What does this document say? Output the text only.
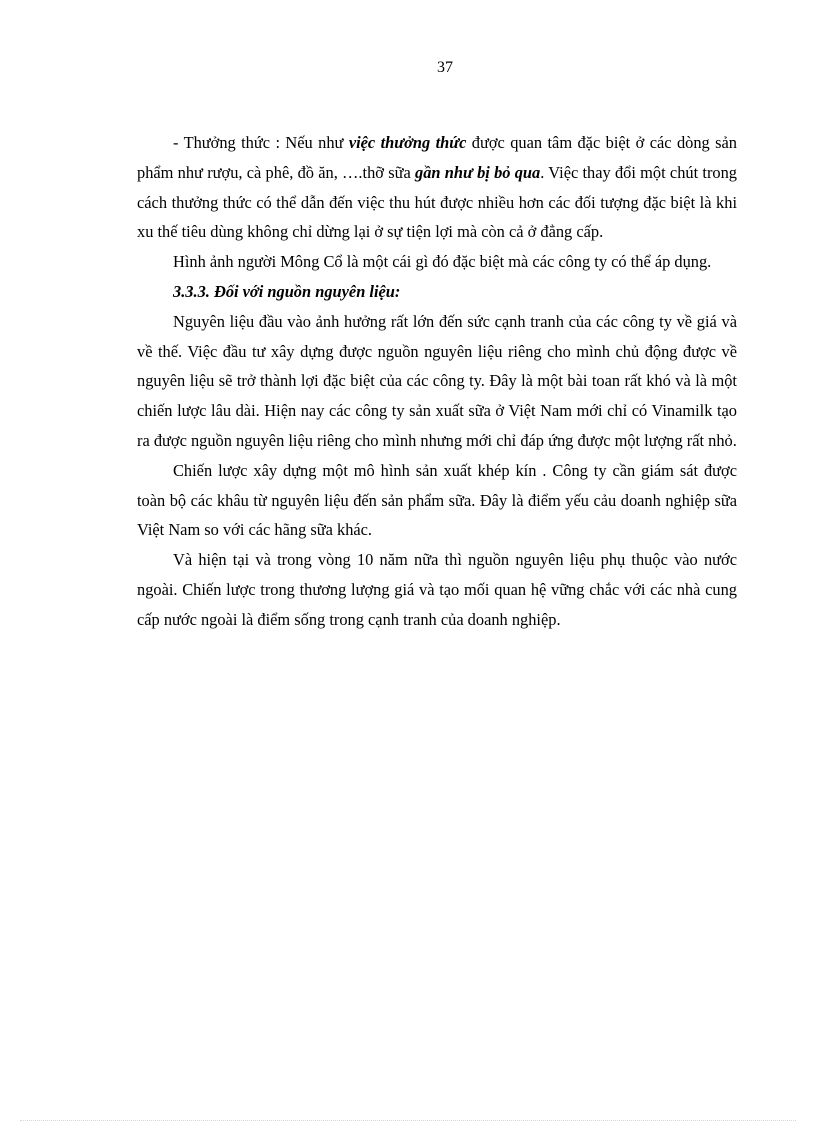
37

- Thưởng thức : Nếu như việc thưởng thức được quan tâm đặc biệt ở các dòng sản phẩm như rượu, cà phê, đồ ăn, ….thỡ sữa gần như bị bỏ qua. Việc thay đổi một chút trong cách thưởng thức có thể dẫn đến việc thu hút được nhiều hơn các đối tượng đặc biệt là khi xu thế tiêu dùng không chỉ dừng lại ở sự tiện lợi mà còn cả ở đẳng cấp.

Hình ảnh người Mông Cổ là một cái gì đó đặc biệt mà các công ty có thể áp dụng.

3.3.3. Đối với nguồn nguyên liệu:

Nguyên liệu đầu vào ảnh hưởng rất lớn đến sức cạnh tranh của các công ty về giá và về thế. Việc đầu tư xây dựng được nguồn nguyên liệu riêng cho mình chủ động được về nguyên liệu sẽ trở thành lợi đặc biệt của các công ty. Đây là một bài toan rất khó và là một chiến lược lâu dài. Hiện nay các công ty sản xuất sữa ở Việt Nam mới chỉ có Vinamilk tạo ra được nguồn nguyên liệu riêng cho mình nhưng mới chỉ đáp ứng được một lượng rất nhỏ.

Chiến lược xây dựng một mô hình sản xuất khép kín . Công ty cần giám sát được toàn bộ các khâu từ nguyên liệu đến sản phẩm sữa. Đây là điểm yếu cảu doanh nghiệp sữa Việt Nam so với các hãng sữa khác.

Và hiện tại và trong vòng 10 năm nữa thì nguồn nguyên liệu phụ thuộc vào nước ngoài. Chiến lược trong thương lượng giá và tạo mối quan hệ vững chắc với các nhà cung cấp nước ngoài là điểm sống trong cạnh tranh của doanh nghiệp.
